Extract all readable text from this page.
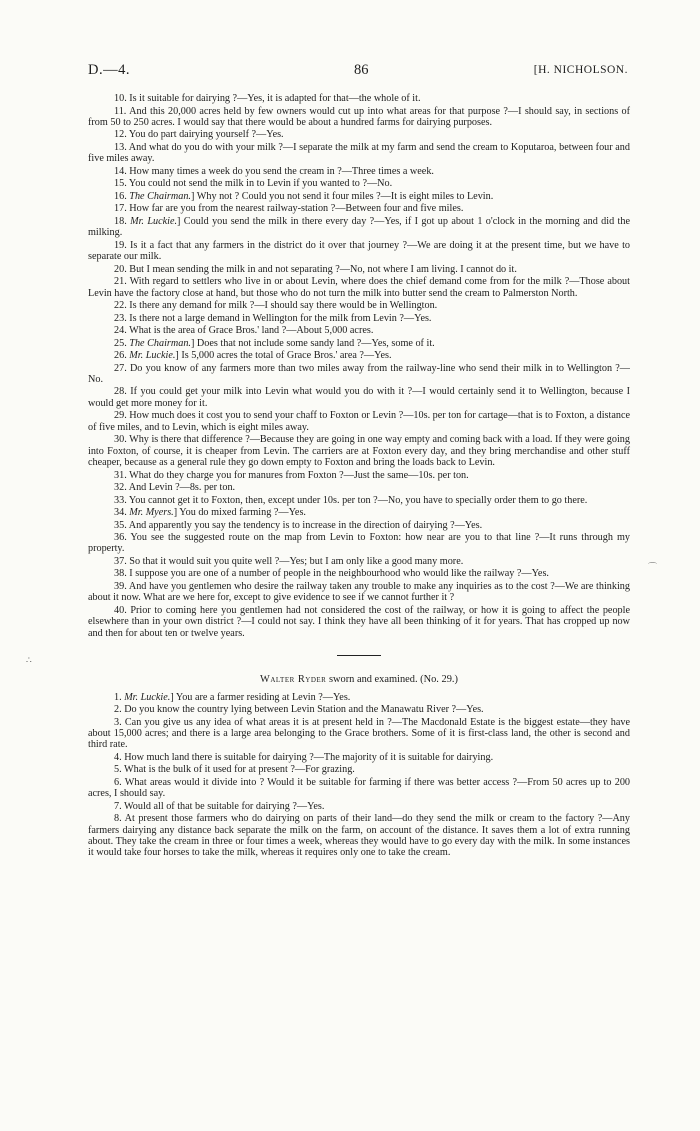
D.—4.	86	[H. NICHOLSON.

10. Is it suitable for dairying ?—Yes, it is adapted for that—the whole of it.

11. And this 20,000 acres held by few owners would cut up into what areas for that purpose ?—I should say, in sections of from 50 to 250 acres. I would say that there would be about a hundred farms for dairying purposes.

12. You do part dairying yourself ?—Yes.

13. And what do you do with your milk ?—I separate the milk at my farm and send the cream to Koputaroa, between four and five miles away.

14. How many times a week do you send the cream in ?—Three times a week.

15. You could not send the milk in to Levin if you wanted to ?—No.

16. The Chairman.] Why not ? Could you not send it four miles ?—It is eight miles to Levin.

17. How far are you from the nearest railway-station ?—Between four and five miles.

18. Mr. Luckie.] Could you send the milk in there every day ?—Yes, if I got up about 1 o'clock in the morning and did the milking.

19. Is it a fact that any farmers in the district do it over that journey ?—We are doing it at the present time, but we have to separate our milk.

20. But I mean sending the milk in and not separating ?—No, not where I am living. I cannot do it.

21. With regard to settlers who live in or about Levin, where does the chief demand come from for the milk ?—Those about Levin have the factory close at hand, but those who do not turn the milk into butter send the cream to Palmerston North.

22. Is there any demand for milk ?—I should say there would be in Wellington.

23. Is there not a large demand in Wellington for the milk from Levin ?—Yes.

24. What is the area of Grace Bros.' land ?—About 5,000 acres.

25. The Chairman.] Does that not include some sandy land ?—Yes, some of it.

26. Mr. Luckie.] Is 5,000 acres the total of Grace Bros.' area ?—Yes.

27. Do you know of any farmers more than two miles away from the railway-line who send their milk in to Wellington ?—No.

28. If you could get your milk into Levin what would you do with it ?—I would certainly send it to Wellington, because I would get more money for it.

29. How much does it cost you to send your chaff to Foxton or Levin ?—10s. per ton for cartage—that is to Foxton, a distance of five miles, and to Levin, which is eight miles away.

30. Why is there that difference ?—Because they are going in one way empty and coming back with a load. If they were going into Foxton, of course, it is cheaper from Levin. The carriers are at Foxton every day, and they bring merchandise and other stuff cheaper, because as a general rule they go down empty to Foxton and bring the loads back to Levin.

31. What do they charge you for manures from Foxton ?—Just the same—10s. per ton.

32. And Levin ?—8s. per ton.

33. You cannot get it to Foxton, then, except under 10s. per ton ?—No, you have to specially order them to go there.

34. Mr. Myers.] You do mixed farming ?—Yes.

35. And apparently you say the tendency is to increase in the direction of dairying ?—Yes.

36. You see the suggested route on the map from Levin to Foxton: how near are you to that line ?—It runs through my property.

37. So that it would suit you quite well ?—Yes; but I am only like a good many more.

38. I suppose you are one of a number of people in the neighbourhood who would like the railway ?—Yes.

39. And have you gentlemen who desire the railway taken any trouble to make any inquiries as to the cost ?—We are thinking about it now. What are we here for, except to give evidence to see if we cannot further it ?

40. Prior to coming here you gentlemen had not considered the cost of the railway, or how it is going to affect the people elsewhere than in your own district ?—I could not say. I think they have all been thinking of it for years. That has cropped up now and then for about ten or twelve years.

Walter Ryder sworn and examined. (No. 29.)

1. Mr. Luckie.] You are a farmer residing at Levin ?—Yes.

2. Do you know the country lying between Levin Station and the Manawatu River ?—Yes.

3. Can you give us any idea of what areas it is at present held in ?—The Macdonald Estate is the biggest estate—they have about 15,000 acres; and there is a large area belonging to the Grace brothers. Some of it is first-class land, the other is second and third rate.

4. How much land there is suitable for dairying ?—The majority of it is suitable for dairying.

5. What is the bulk of it used for at present ?—For grazing.

6. What areas would it divide into ? Would it be suitable for farming if there was better access ?—From 50 acres up to 200 acres, I should say.

7. Would all of that be suitable for dairying ?—Yes.

8. At present those farmers who do dairying on parts of their land—do they send the milk or cream to the factory ?—Any farmers dairying any distance back separate the milk on the farm, on account of the distance. It saves them a lot of extra running about. They take the cream in three or four times a week, whereas they would have to go every day with the milk. In some instances it would take four horses to take the milk, whereas it requires only one to take the cream.

⌒
∴
